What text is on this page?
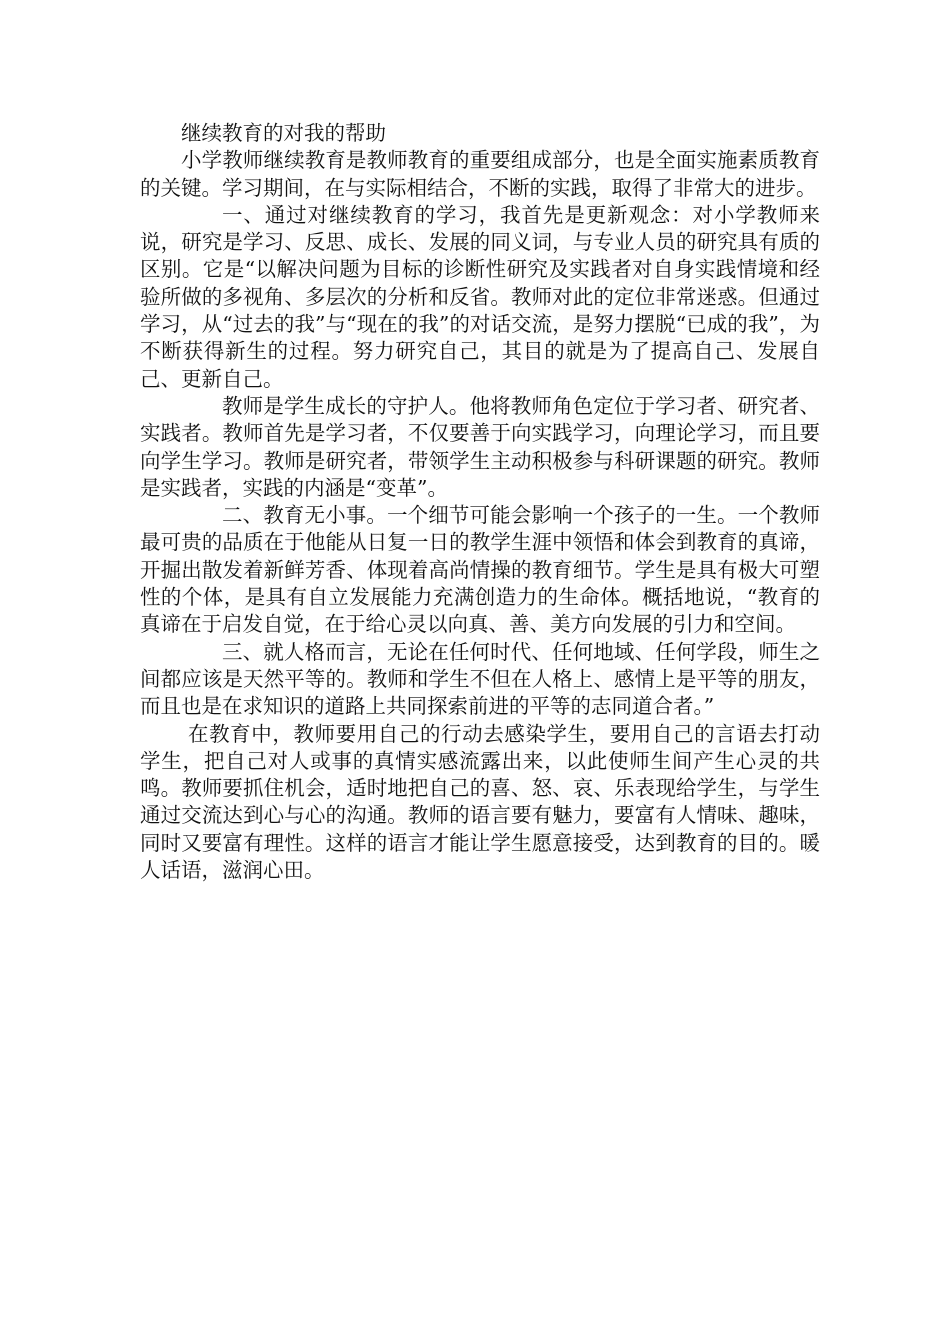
继续教育的对我的帮助

小学教师继续教育是教师教育的重要组成部分，也是全面实施素质教育的关键。学习期间，在与实际相结合，不断的实践，取得了非常大的进步。

一、通过对继续教育的学习，我首先是更新观念：对小学教师来说，研究是学习、反思、成长、发展的同义词，与专业人员的研究具有质的区别。它是“以解决问题为目标的诊断性研究及实践者对自身实践情境和经验所做的多视角、多层次的分析和反省。教师对此的定位非常迷惑。但通过学习，从“过去的我”与“现在的我”的对话交流，是努力摆脱“已成的我”，为不断获得新生的过程。努力研究自己，其目的就是为了提高自己、发展自己、更新自己。

教师是学生成长的守护人。他将教师角色定位于学习者、研究者、实践者。教师首先是学习者，不仅要善于向实践学习，向理论学习，而且要向学生学习。教师是研究者，带领学生主动积极参与科研课题的研究。教师是实践者，实践的内涵是“变革”。

二、教育无小事。一个细节可能会影响一个孩子的一生。一个教师最可贵的品质在于他能从日复一日的教学生涯中领悟和体会到教育的真谛，开掘出散发着新鲜芳香、体现着高尚情操的教育细节。学生是具有极大可塑性的个体，是具有自立发展能力充满创造力的生命体。概括地说，“教育的真谛在于启发自觉，在于给心灵以向真、善、美方向发展的引力和空间。

三、就人格而言，无论在任何时代、任何地域、任何学段，师生之间都应该是天然平等的。教师和学生不但在人格上、感情上是平等的朋友，而且也是在求知识的道路上共同探索前进的平等的志同道合者。”

在教育中，教师要用自己的行动去感染学生，要用自己的言语去打动学生，把自己对人或事的真情实感流露出来，以此使师生间产生心灵的共鸣。教师要抓住机会，适时地把自己的喜、怒、哀、乐表现给学生，与学生通过交流达到心与心的沟通。教师的语言要有魅力，要富有人情味、趣味，同时又要富有理性。这样的语言才能让学生愿意接受，达到教育的目的。暖人话语，滋润心田。
